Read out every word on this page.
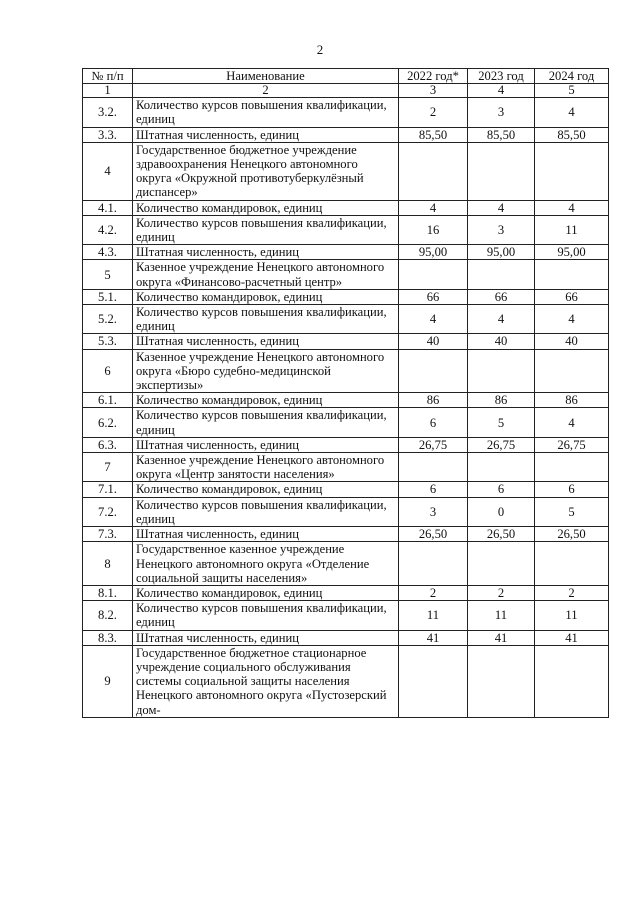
2
№ п/п	Наименование	2022 год*	2023 год	2024 год
1	2	3	4	5
3.2.	Количество курсов повышения квалификации, единиц	2	3	4
3.3.	Штатная численность, единиц	85,50	85,50	85,50
4	Государственное бюджетное учреждение здравоохранения Ненецкого автономного округа «Окружной противотуберкулёзный диспансер»			
4.1.	Количество командировок, единиц	4	4	4
4.2.	Количество курсов повышения квалификации, единиц	16	3	11
4.3.	Штатная численность, единиц	95,00	95,00	95,00
5	Казенное учреждение Ненецкого автономного округа «Финансово-расчетный центр»			
5.1.	Количество командировок, единиц	66	66	66
5.2.	Количество курсов повышения квалификации, единиц	4	4	4
5.3.	Штатная численность, единиц	40	40	40
6	Казенное учреждение Ненецкого автономного округа «Бюро судебно-медицинской экспертизы»			
6.1.	Количество командировок, единиц	86	86	86
6.2.	Количество курсов повышения квалификации, единиц	6	5	4
6.3.	Штатная численность, единиц	26,75	26,75	26,75
7	Казенное учреждение Ненецкого автономного округа «Центр занятости населения»			
7.1.	Количество командировок, единиц	6	6	6
7.2.	Количество курсов повышения квалификации, единиц	3	0	5
7.3.	Штатная численность, единиц	26,50	26,50	26,50
8	Государственное казенное учреждение Ненецкого автономного округа «Отделение социальной защиты населения»			
8.1.	Количество командировок, единиц	2	2	2
8.2.	Количество курсов повышения квалификации, единиц	11	11	11
8.3.	Штатная численность, единиц	41	41	41
9	Государственное бюджетное стационарное учреждение социального обслуживания системы социальной защиты населения Ненецкого автономного округа «Пустозерский дом-			
